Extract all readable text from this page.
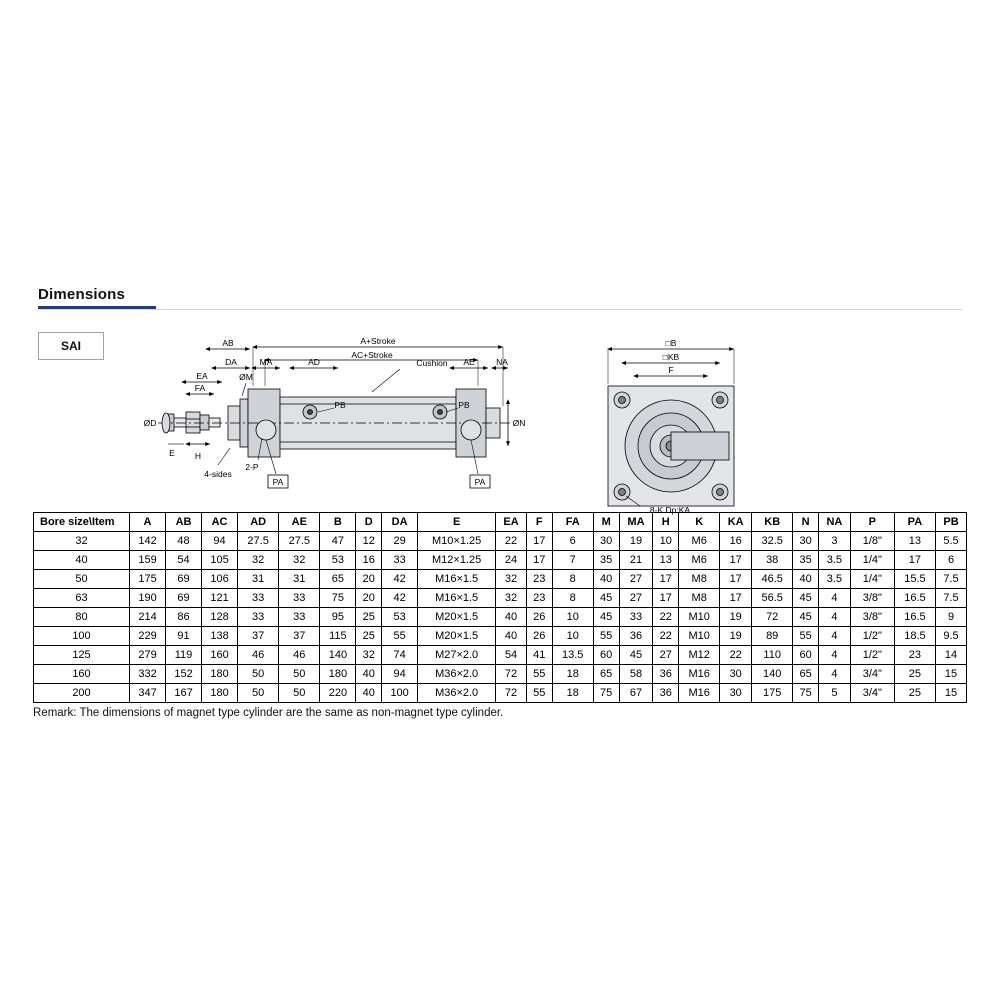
Dimensions
SAI	A+Stroke
AC+Stroke
AB
DA	MA	AD	AE	NA
EA
FA
Cushion
ØD
ØM
ØN
E H
2-P
4-sides
PA	PA
PB	PB
□B
□KB
F
8-K Dp:KA
Bore size\Item	A	AB	AC	AD	AE	B	D	DA	E	EA	F	FA	M	MA	H	K	KA	KB	N	NA	P	PA	PB
32	142	48	94	27.5	27.5	47	12	29	M10×1.25	22	17	6	30	19	10	M6	16	32.5	30	3	1/8"	13	5.5
40	159	54	105	32	32	53	16	33	M12×1.25	24	17	7	35	21	13	M6	17	38	35	3.5	1/4"	17	6
50	175	69	106	31	31	65	20	42	M16×1.5	32	23	8	40	27	17	M8	17	46.5	40	3.5	1/4"	15.5	7.5
63	190	69	121	33	33	75	20	42	M16×1.5	32	23	8	45	27	17	M8	17	56.5	45	4	3/8"	16.5	7.5
80	214	86	128	33	33	95	25	53	M20×1.5	40	26	10	45	33	22	M10	19	72	45	4	3/8"	16.5	9
100	229	91	138	37	37	115	25	55	M20×1.5	40	26	10	55	36	22	M10	19	89	55	4	1/2"	18.5	9.5
125	279	119	160	46	46	140	32	74	M27×2.0	54	41	13.5	60	45	27	M12	22	110	60	4	1/2"	23	14
160	332	152	180	50	50	180	40	94	M36×2.0	72	55	18	65	58	36	M16	30	140	65	4	3/4"	25	15
200	347	167	180	50	50	220	40	100	M36×2.0	72	55	18	75	67	36	M16	30	175	75	5	3/4"	25	15
Remark: The dimensions of magnet type cylinder are the same as non-magnet type cylinder.
